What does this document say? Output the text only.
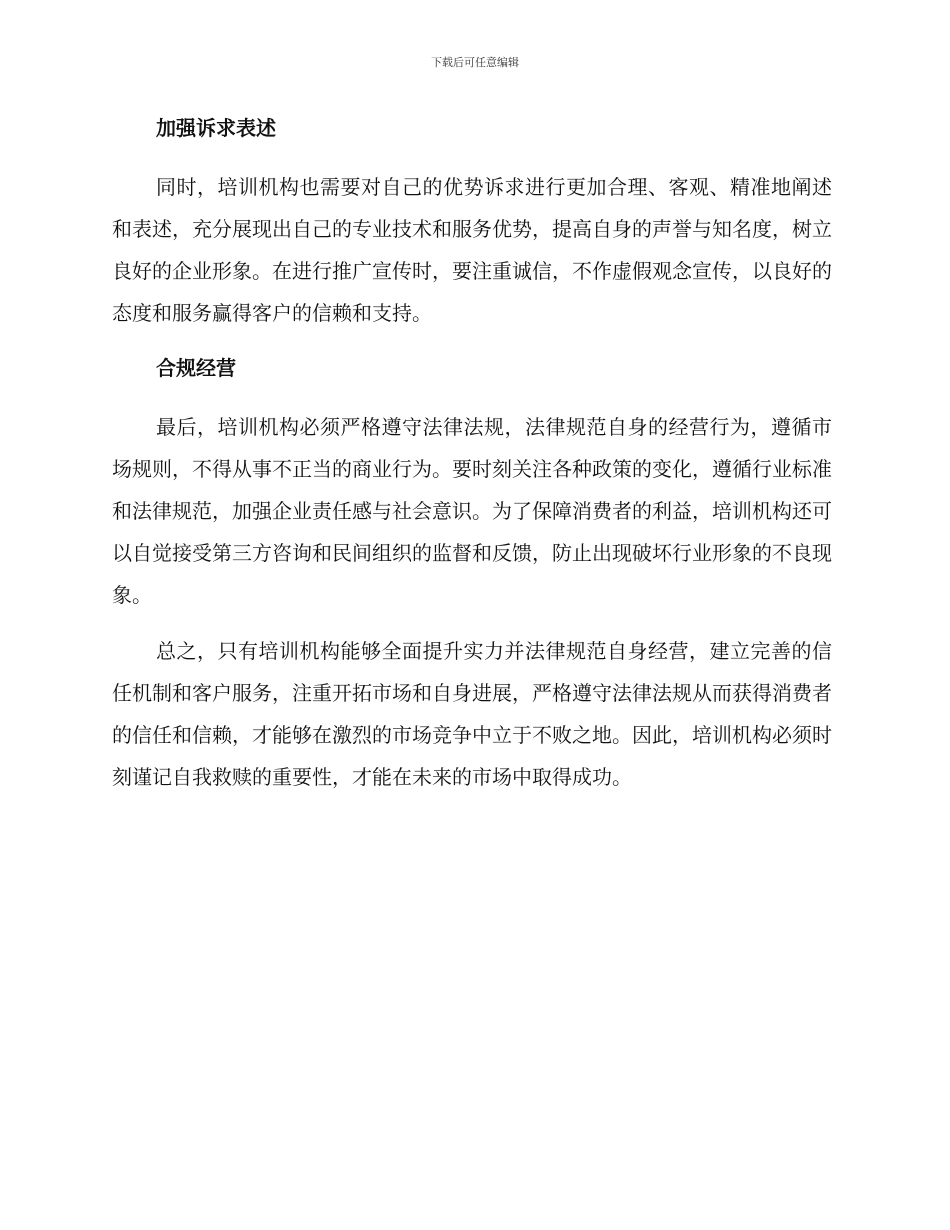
下载后可任意编辑
加强诉求表述

同时，培训机构也需要对自己的优势诉求进行更加合理、客观、精准地阐述和表述，充分展现出自己的专业技术和服务优势，提高自身的声誉与知名度，树立良好的企业形象。在进行推广宣传时，要注重诚信，不作虚假观念宣传，以良好的态度和服务赢得客户的信赖和支持。

合规经营

最后，培训机构必须严格遵守法律法规，法律规范自身的经营行为，遵循市场规则，不得从事不正当的商业行为。要时刻关注各种政策的变化，遵循行业标准和法律规范，加强企业责任感与社会意识。为了保障消费者的利益，培训机构还可以自觉接受第三方咨询和民间组织的监督和反馈，防止出现破坏行业形象的不良现象。

总之，只有培训机构能够全面提升实力并法律规范自身经营，建立完善的信任机制和客户服务，注重开拓市场和自身进展，严格遵守法律法规从而获得消费者的信任和信赖，才能够在激烈的市场竞争中立于不败之地。因此，培训机构必须时刻谨记自我救赎的重要性，才能在未来的市场中取得成功。
